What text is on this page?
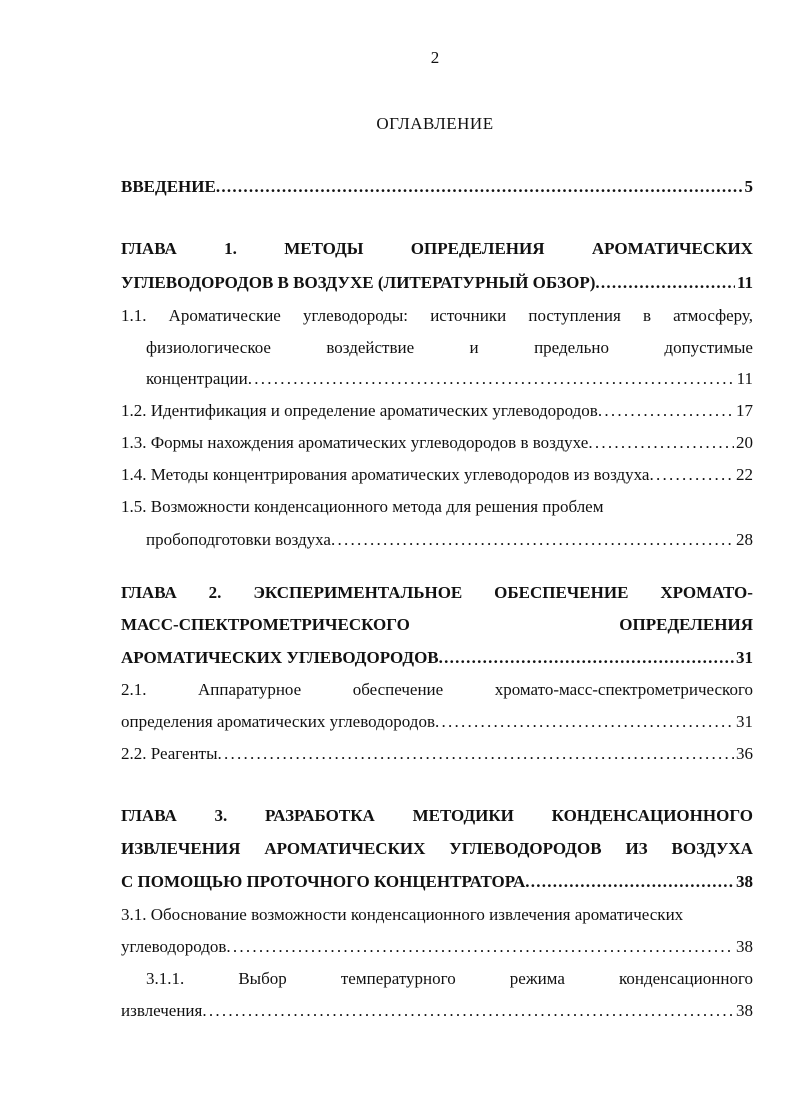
2
ОГЛАВЛЕНИЕ
ВВЕДЕНИЕ . . .	5
ГЛАВА	1.	МЕТОДЫ	ОПРЕДЕЛЕНИЯ	АРОМАТИЧЕСКИХ
УГЛЕВОДОРОДОВ В ВОЗДУХЕ (ЛИТЕРАТУРНЫЙ ОБЗОР) . . .	11
1.1. Ароматические углеводороды: источники поступления в атмосферу,
физиологическое	воздействие	и	предельно	допустимые
концентрации . . .	11
1.2. Идентификация и определение ароматических углеводородов . . .	17
1.3. Формы нахождения ароматических углеводородов в воздухе . . .	20
1.4. Методы концентрирования ароматических углеводородов из воздуха . . .	22
1.5. Возможности конденсационного метода для решения проблем
пробоподготовки воздуха . . .	28
ГЛАВА 2. ЭКСПЕРИМЕНТАЛЬНОЕ ОБЕСПЕЧЕНИЕ ХРОМАТО-
МАСС-СПЕКТРОМЕТРИЧЕСКОГО	ОПРЕДЕЛЕНИЯ
АРОМАТИЧЕСКИХ УГЛЕВОДОРОДОВ . . .	31
2.1.	Аппаратурное	обеспечение	хромато-масс-спектрометрического
определения ароматических углеводородов . . .	31
2.2. Реагенты . . .	36
ГЛАВА 3. РАЗРАБОТКА МЕТОДИКИ КОНДЕНСАЦИОННОГО
ИЗВЛЕЧЕНИЯ АРОМАТИЧЕСКИХ УГЛЕВОДОРОДОВ ИЗ ВОЗДУХА
С ПОМОЩЬЮ ПРОТОЧНОГО КОНЦЕНТРАТОРА . . .	38
3.1. Обоснование возможности конденсационного извлечения ароматических
углеводородов . . .	38
3.1.1.	Выбор	температурного	режима	конденсационного
извлечения . . .	38
